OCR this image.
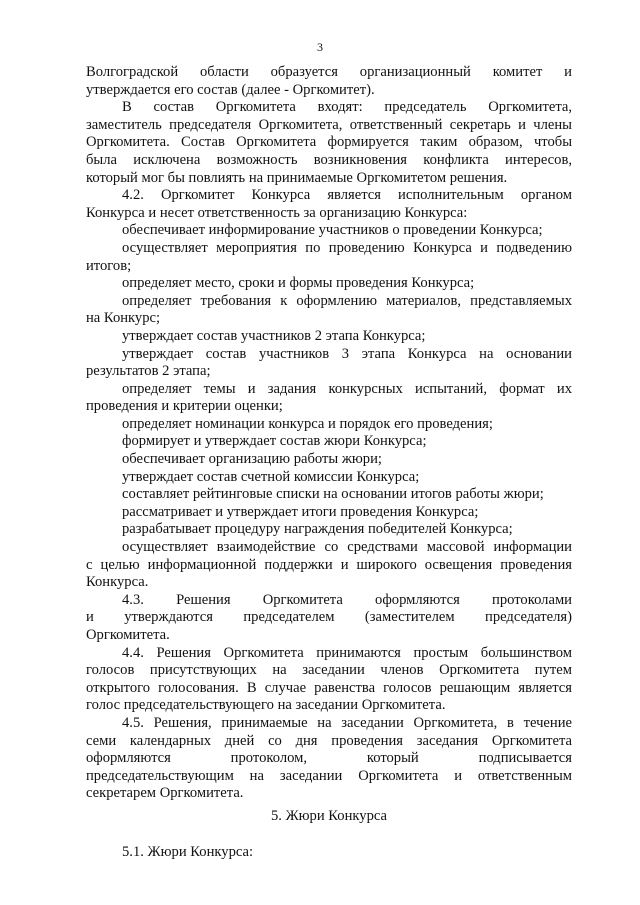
3

Волгоградской области образуется организационный комитет и

утверждается его состав (далее - Оргкомитет).

В состав Оргкомитета входят: председатель Оргкомитета,

заместитель председателя Оргкомитета, ответственный секретарь и члены

Оргкомитета. Состав Оргкомитета формируется таким образом, чтобы

была исключена возможность возникновения конфликта интересов,

который мог бы повлиять на принимаемые Оргкомитетом решения.

4.2. Оргкомитет Конкурса является исполнительным органом

Конкурса и несет ответственность за организацию Конкурса:

обеспечивает информирование участников о проведении Конкурса;

осуществляет мероприятия по проведению Конкурса и подведению

итогов;

определяет место, сроки и формы проведения Конкурса;

определяет требования к оформлению материалов, представляемых

на Конкурс;

утверждает состав участников 2 этапа Конкурса;

утверждает состав участников 3 этапа Конкурса на основании

результатов 2 этапа;

определяет темы и задания конкурсных испытаний, формат их

проведения и критерии оценки;

определяет номинации конкурса и порядок его проведения;

формирует и утверждает состав жюри Конкурса;

обеспечивает организацию работы жюри;

утверждает состав счетной комиссии Конкурса;

составляет рейтинговые списки на основании итогов работы жюри;

рассматривает и утверждает итоги проведения Конкурса;

разрабатывает процедуру награждения победителей Конкурса;

осуществляет взаимодействие со средствами массовой информации

с целью информационной поддержки и широкого освещения проведения

Конкурса.

4.3. Решения Оргкомитета оформляются протоколами

и утверждаются председателем (заместителем председателя)

Оргкомитета.

4.4. Решения Оргкомитета принимаются простым большинством

голосов присутствующих на заседании членов Оргкомитета путем

открытого голосования. В случае равенства голосов решающим является

голос председательствующего на заседании Оргкомитета.

4.5. Решения, принимаемые на заседании Оргкомитета, в течение

семи календарных дней со дня проведения заседания Оргкомитета

оформляются протоколом, который подписывается

председательствующим на заседании Оргкомитета и ответственным

секретарем Оргкомитета.

5. Жюри Конкурса

5.1. Жюри Конкурса:
